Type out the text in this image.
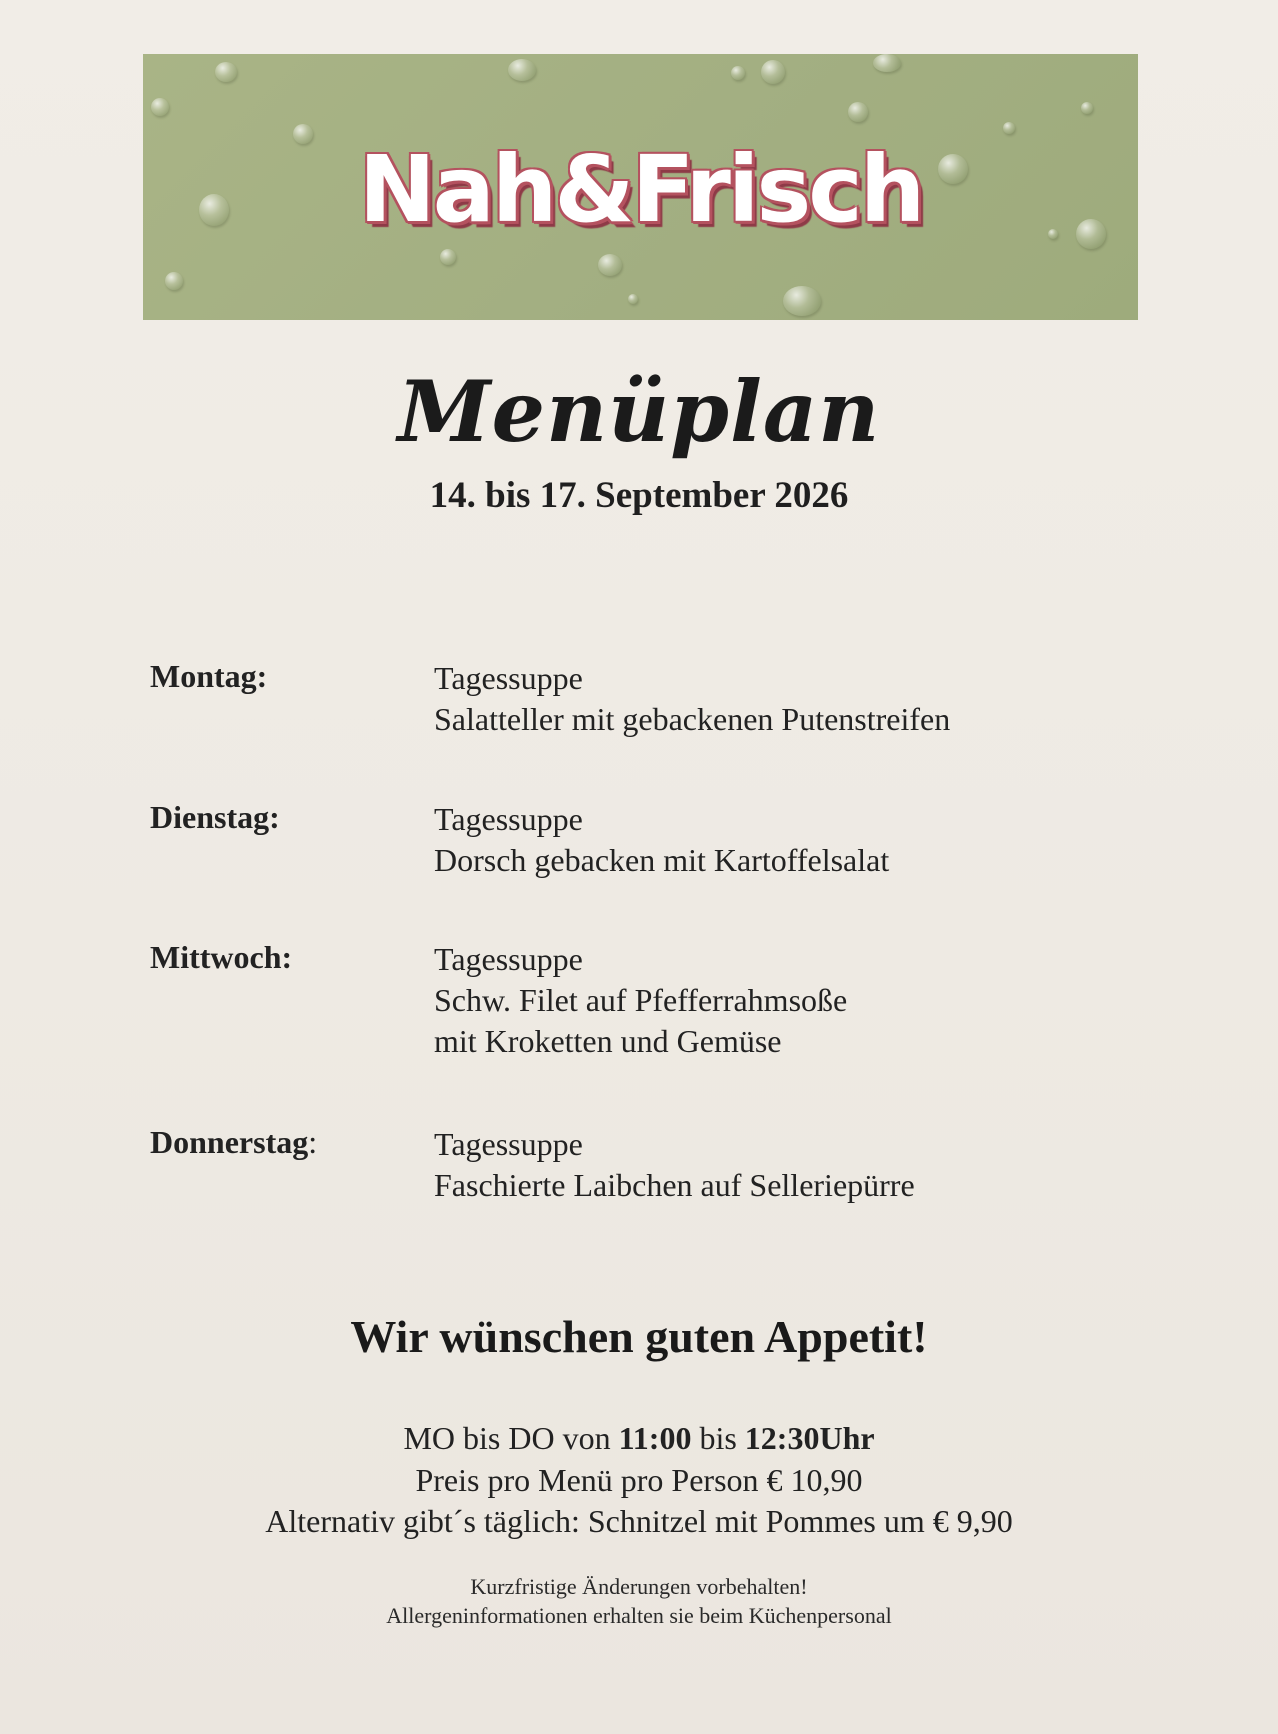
Nah&Frisch
Menüplan
14. bis 17. September 2026
Montag:	Tagessuppe
Salatteller mit gebackenen Putenstreifen
Dienstag:	Tagessuppe
Dorsch gebacken mit Kartoffelsalat
Mittwoch:	Tagessuppe
Schw. Filet auf Pfefferrahmsoße
mit Kroketten und Gemüse
Donnerstag:	Tagessuppe
Faschierte Laibchen auf Selleriepürre
Wir wünschen guten Appetit!
MO bis DO von 11:00 bis 12:30Uhr
Preis pro Menü pro Person € 10,90
Alternativ gibt´s täglich: Schnitzel mit Pommes um € 9,90
Kurzfristige Änderungen vorbehalten!
Allergeninformationen erhalten sie beim Küchenpersonal
